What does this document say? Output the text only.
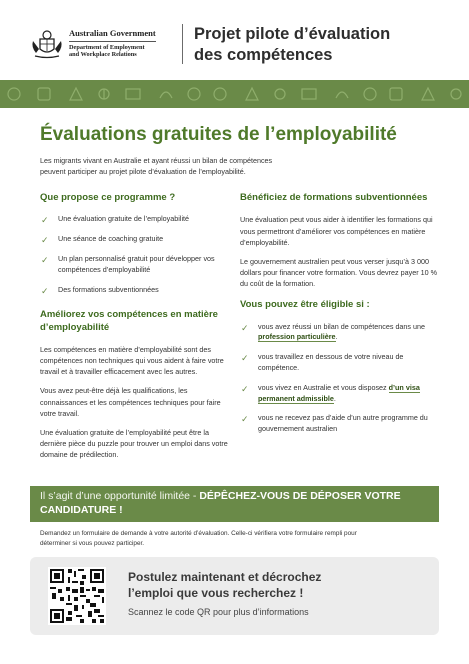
Australian Government
Department of Employment
and Workplace Relations
Projet pilote d’évaluation
des compétences
Évaluations gratuites de l’employabilité
Les migrants vivant en Australie et ayant réussi un bilan de compétences
peuvent participer au projet pilote d’évaluation de l’employabilité.
Que propose ce programme ?
✓ Une évaluation gratuite de l’employabilité
✓ Une séance de coaching gratuite
✓ Un plan personnalisé gratuit pour développer vos compétences d’employabilité
✓ Des formations subventionnées
Améliorez vos compétences en matière d’employabilité

Les compétences en matière d’employabilité sont des compétences non techniques qui vous aident à faire votre travail et à travailler efficacement avec les autres.

Vous avez peut-être déjà les qualifications, les connaissances et les compétences techniques pour faire votre travail.

Une évaluation gratuite de l’employabilité peut être la dernière pièce du puzzle pour trouver un emploi dans votre domaine de prédilection.

Bénéficiez de formations subventionnées

Une évaluation peut vous aider à identifier les formations qui vous permettront d’améliorer vos compétences en matière d’employabilité.

Le gouvernement australien peut vous verser jusqu’à 3 000 dollars pour financer votre formation. Vous devrez payer 10 % du coût de la formation.

Vous pouvez être éligible si :
✓ vous avez réussi un bilan de compétences dans une profession particulière.
✓ vous travaillez en dessous de votre niveau de compétence.
✓ vous vivez en Australie et vous disposez d’un visa permanent admissible.
✓ vous ne recevez pas d’aide d’un autre programme du gouvernement australien
Il s’agit d’une opportunité limitée - DÉPÊCHEZ-VOUS DE DÉPOSER VOTRE CANDIDATURE !
Demandez un formulaire de demande à votre autorité d’évaluation. Celle-ci vérifiera votre formulaire rempli pour
déterminer si vous pouvez participer.
Postulez maintenant et décrochez
l’emploi que vous recherchez !
Scannez le code QR pour plus d’informations
